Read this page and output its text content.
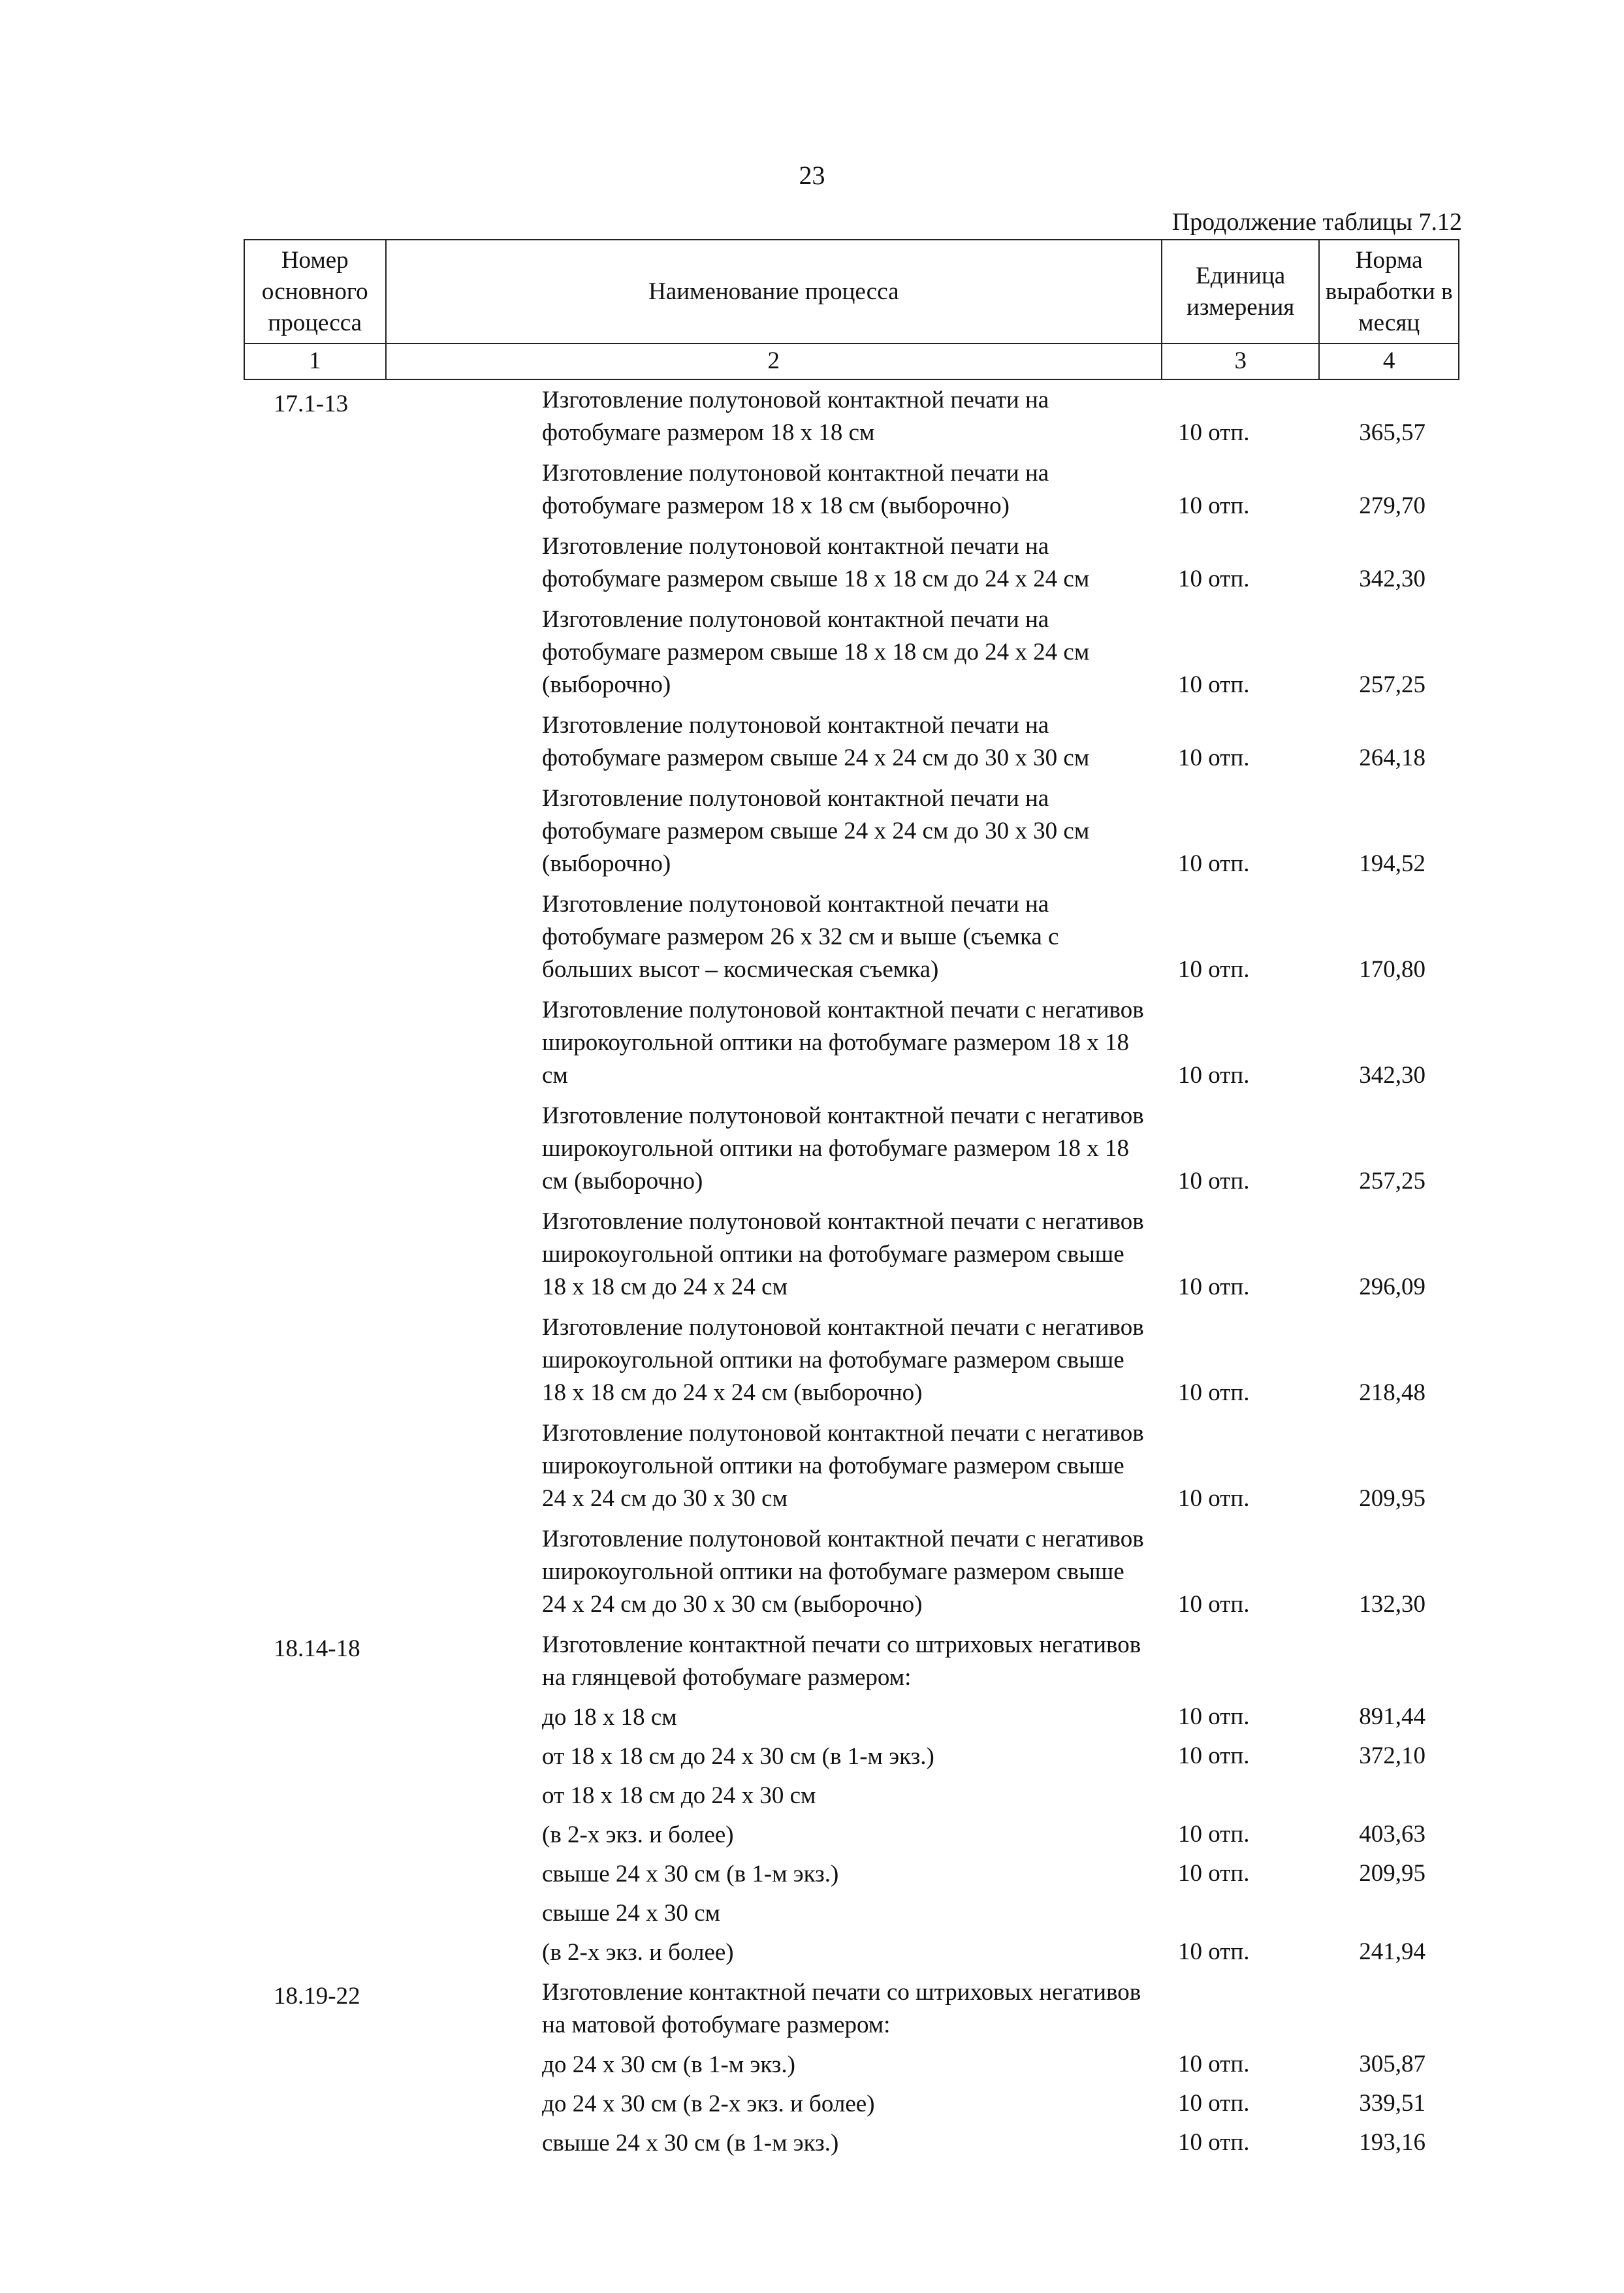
23
Продолжение таблицы 7.12
Номер основного процесса	Наименование процесса	Единица измерения	Норма выработки в месяц
1	2	3	4
17.1-13	Изготовление полутоновой контактной печати на фотобумаге размером 18 х 18 см	10 отп.	365,57
	Изготовление полутоновой контактной печати на фотобумаге размером 18 х 18 см (выборочно)	10 отп.	279,70
	Изготовление полутоновой контактной печати на фотобумаге размером свыше 18 х 18 см до 24 х 24 см	10 отп.	342,30
	Изготовление полутоновой контактной печати на фотобумаге размером свыше 18 х 18 см до 24 х 24 см (выборочно)	10 отп.	257,25
	Изготовление полутоновой контактной печати на фотобумаге размером свыше 24 х 24 см до 30 х 30 см	10 отп.	264,18
	Изготовление полутоновой контактной печати на фотобумаге размером свыше 24 х 24 см до 30 х 30 см (выборочно)	10 отп.	194,52
	Изготовление полутоновой контактной печати на фотобумаге размером 26 х 32 см и выше (съемка с больших высот – космическая съемка)	10 отп.	170,80
	Изготовление полутоновой контактной печати с негативов широкоугольной оптики на фотобумаге размером 18 х 18 см	10 отп.	342,30
	Изготовление полутоновой контактной печати с негативов широкоугольной оптики на фотобумаге размером 18 х 18 см (выборочно)	10 отп.	257,25
	Изготовление полутоновой контактной печати с негативов широкоугольной оптики на фотобумаге размером свыше 18 х 18 см до 24 х 24 см	10 отп.	296,09
	Изготовление полутоновой контактной печати с негативов широкоугольной оптики на фотобумаге размером свыше 18 х 18 см до 24 х 24 см (выборочно)	10 отп.	218,48
	Изготовление полутоновой контактной печати с негативов широкоугольной оптики на фотобумаге размером свыше 24 х 24 см до 30 х 30 см	10 отп.	209,95
	Изготовление полутоновой контактной печати с негативов широкоугольной оптики на фотобумаге размером свыше 24 х 24 см до 30 х 30 см (выборочно)	10 отп.	132,30
18.14-18	Изготовление контактной печати со штриховых негативов на глянцевой фотобумаге размером:		
	до 18 х 18 см	10 отп.	891,44
	от 18 х 18 см до 24 х 30 см (в 1-м экз.)	10 отп.	372,10
	от 18 х 18 см до 24 х 30 см		
	(в 2-х экз. и более)	10 отп.	403,63
	свыше 24 х 30 см (в 1-м экз.)	10 отп.	209,95
	свыше 24 х 30 см		
	(в 2-х экз. и более)	10 отп.	241,94
18.19-22	Изготовление контактной печати со штриховых негативов на матовой фотобумаге размером:		
	до 24 х 30 см (в 1-м экз.)	10 отп.	305,87
	до 24 х 30 см (в 2-х экз. и более)	10 отп.	339,51
	свыше 24 х 30 см (в 1-м экз.)	10 отп.	193,16
